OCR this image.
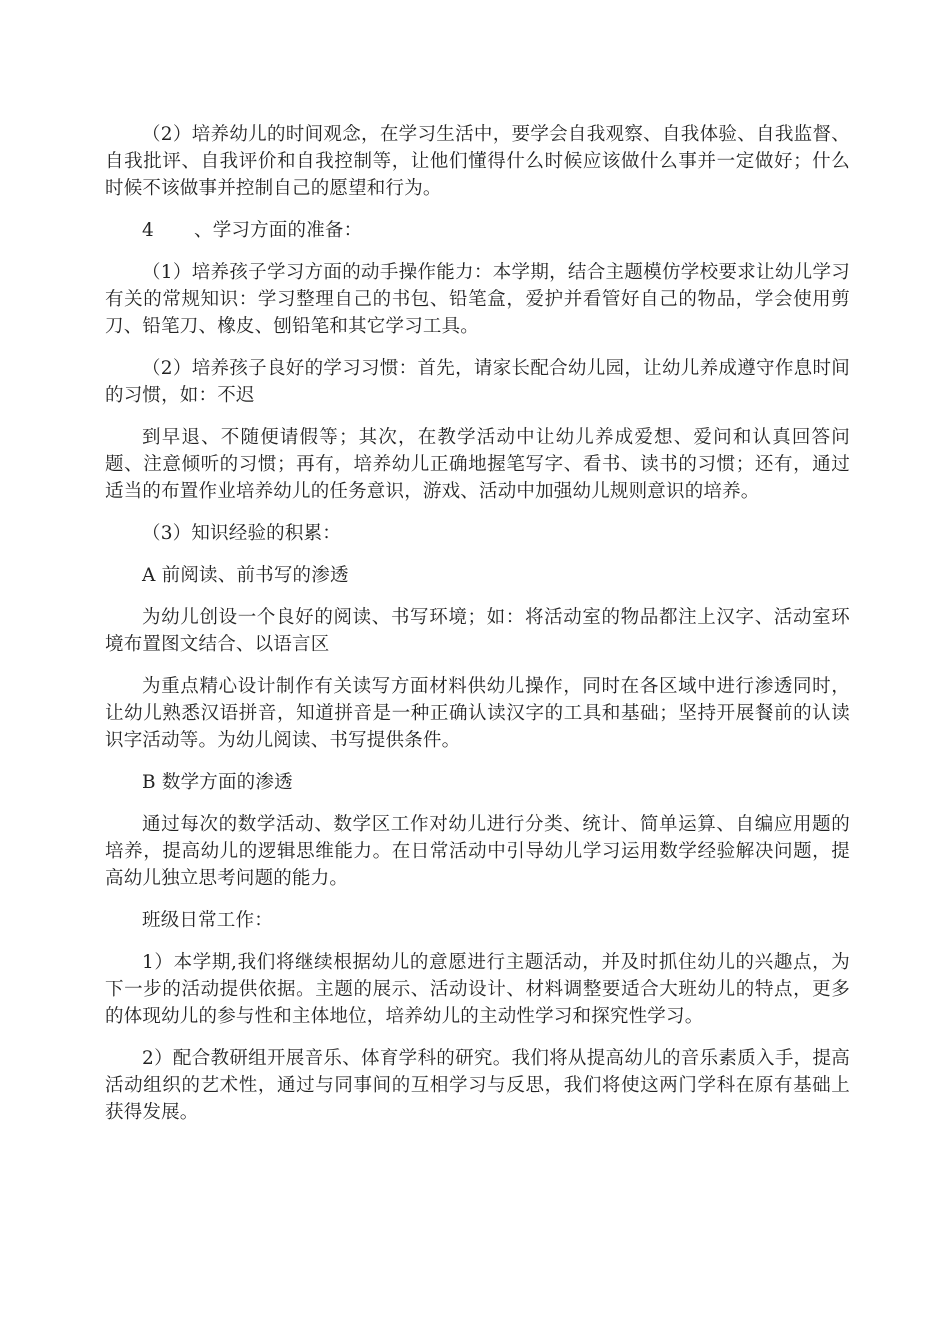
（2）培养幼儿的时间观念，在学习生活中，要学会自我观察、自我体验、自我监督、自我批评、自我评价和自我控制等，让他们懂得什么时候应该做什么事并一定做好；什么时候不该做事并控制自己的愿望和行为。

4 、学习方面的准备：

（1）培养孩子学习方面的动手操作能力：本学期，结合主题模仿学校要求让幼儿学习有关的常规知识：学习整理自己的书包、铅笔盒，爱护并看管好自己的物品，学会使用剪刀、铅笔刀、橡皮、刨铅笔和其它学习工具。

（2）培养孩子良好的学习习惯：首先，请家长配合幼儿园，让幼儿养成遵守作息时间的习惯，如：不迟

到早退、不随便请假等；其次，在教学活动中让幼儿养成爱想、爱问和认真回答问题、注意倾听的习惯；再有，培养幼儿正确地握笔写字、看书、读书的习惯；还有，通过适当的布置作业培养幼儿的任务意识，游戏、活动中加强幼儿规则意识的培养。

（3）知识经验的积累：

A 前阅读、前书写的渗透

为幼儿创设一个良好的阅读、书写环境；如：将活动室的物品都注上汉字、活动室环境布置图文结合、以语言区

为重点精心设计制作有关读写方面材料供幼儿操作，同时在各区域中进行渗透同时，让幼儿熟悉汉语拼音，知道拼音是一种正确认读汉字的工具和基础；坚持开展餐前的认读识字活动等。为幼儿阅读、书写提供条件。

B 数学方面的渗透

通过每次的数学活动、数学区工作对幼儿进行分类、统计、简单运算、自编应用题的培养，提高幼儿的逻辑思维能力。在日常活动中引导幼儿学习运用数学经验解决问题，提高幼儿独立思考问题的能力。

班级日常工作：

1）本学期,我们将继续根据幼儿的意愿进行主题活动，并及时抓住幼儿的兴趣点，为下一步的活动提供依据。主题的展示、活动设计、材料调整要适合大班幼儿的特点，更多的体现幼儿的参与性和主体地位，培养幼儿的主动性学习和探究性学习。

2）配合教研组开展音乐、体育学科的研究。我们将从提高幼儿的音乐素质入手，提高活动组织的艺术性，通过与同事间的互相学习与反思，我们将使这两门学科在原有基础上获得发展。
